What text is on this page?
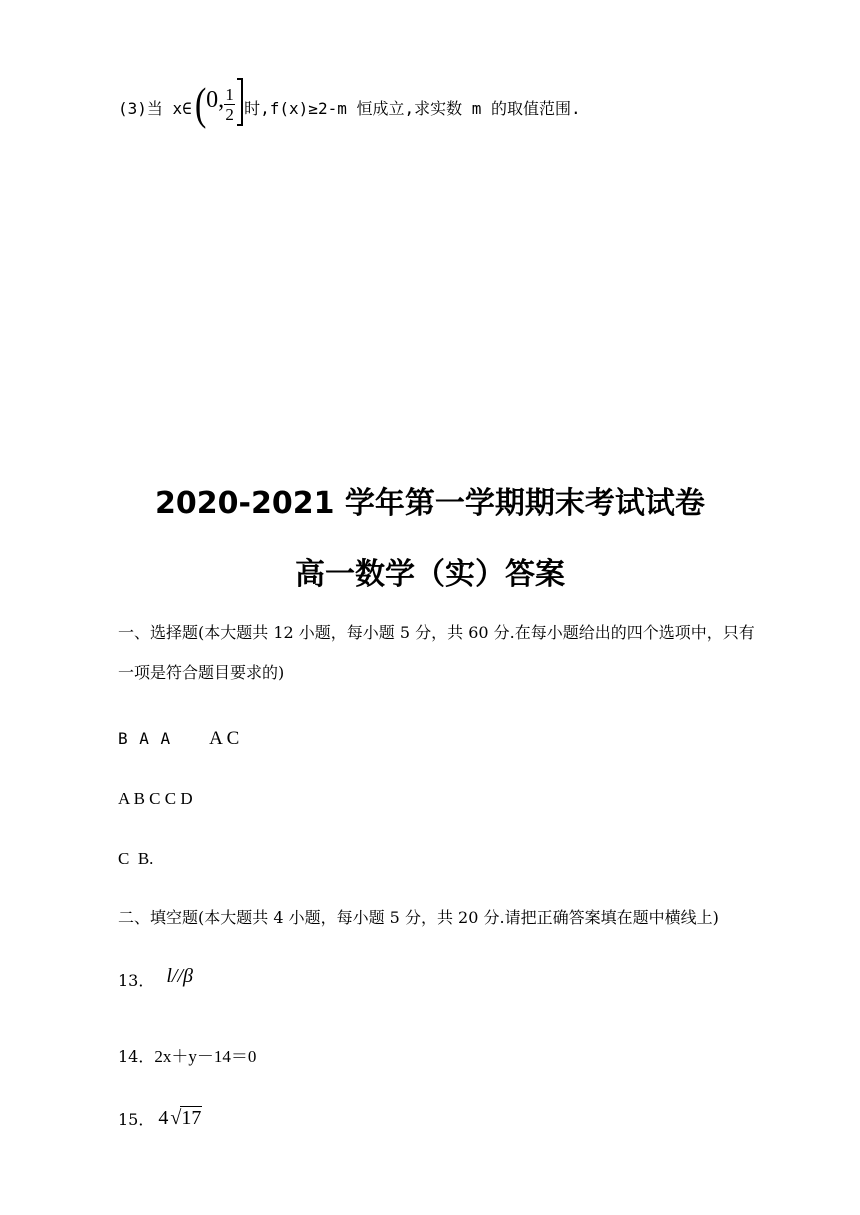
(3)当 x∈ ( 0, $\frac{1}{2}$ 时,f(x)≥2-m 恒成立,求实数 m 的取值范围.
2020-2021 学年第一学期期末考试试卷
高一数学（实）答案
一、选择题(本大题共 12 小题，每小题 5 分，共 60 分.在每小题给出的四个选项中，只有
一项是符合题目要求的)
B A A A C
A B C C D
C  B.
二、填空题(本大题共 4 小题，每小题 5 分，共 20 分.请把正确答案填在题中横线上)
13． l//β
14． 2x＋y－14＝0
15． 4 √ 17
